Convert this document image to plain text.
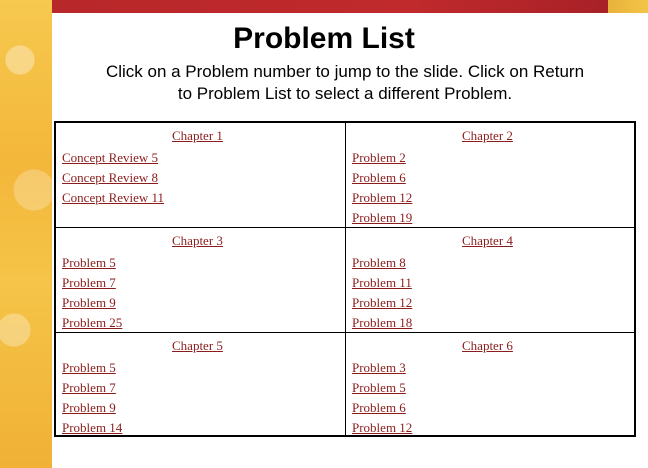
Problem List
Click on a Problem number to jump to the slide. Click on Return
to Problem List to select a different Problem.
Chapter 1
Concept Review 5
Concept Review 8
Concept Review 11
Chapter 2
Problem 2
Problem 6
Problem 12
Problem 19
Chapter 3
Problem 5
Problem 7
Problem 9
Problem 25
Chapter 4
Problem 8
Problem 11
Problem 12
Problem 18
Chapter 5
Problem 5
Problem 7
Problem 9
Problem 14
Chapter 6
Problem 3
Problem 5
Problem 6
Problem 12
